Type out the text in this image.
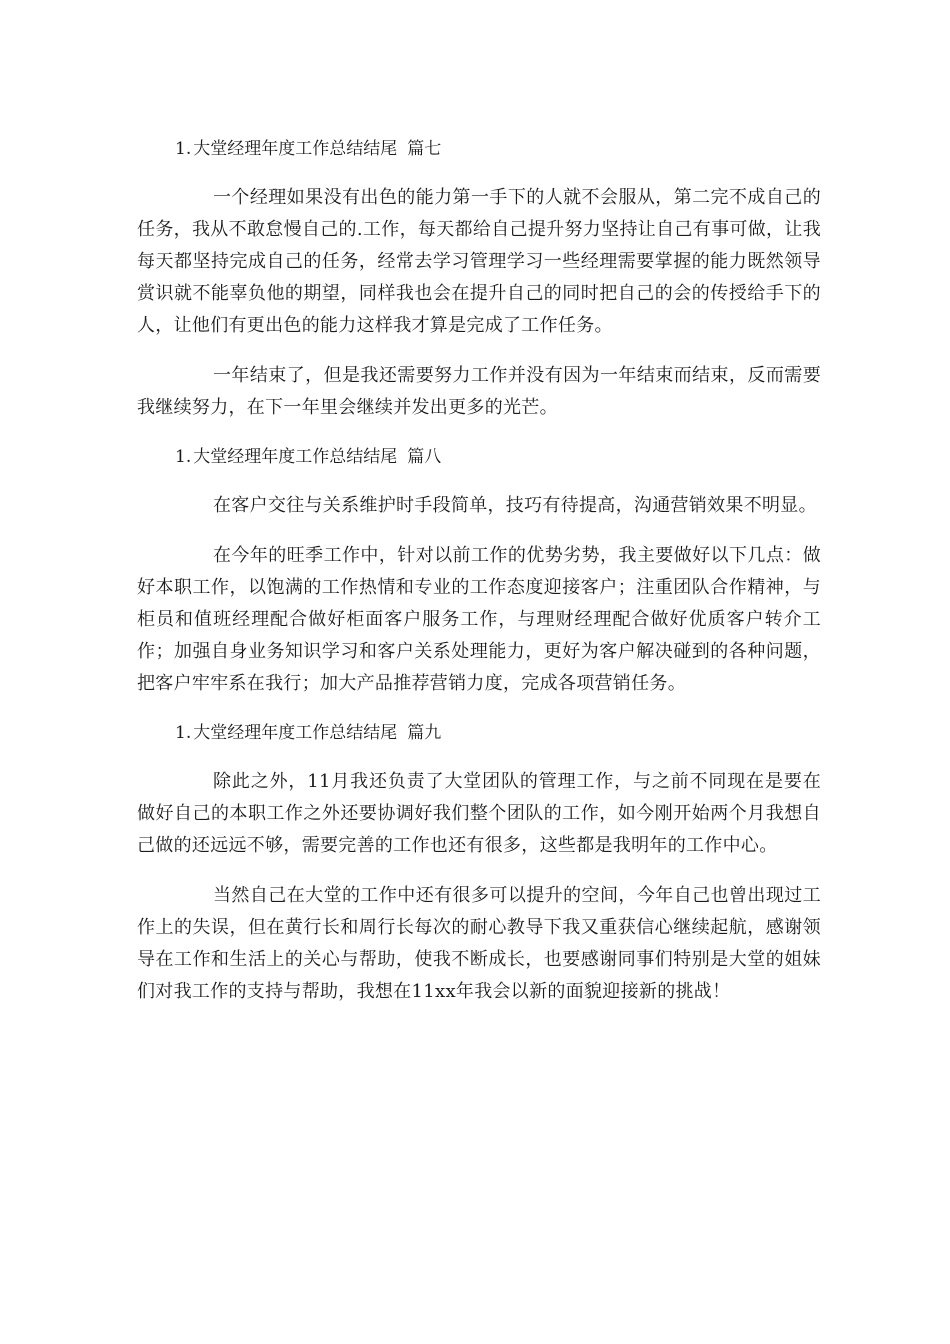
1. 大堂经理年度工作总结结尾 篇七

一个经理如果没有出色的能力第一手下的人就不会服从，第二完不成自己的任务，我从不敢怠慢自己的.工作，每天都给自己提升努力坚持让自己有事可做，让我每天都坚持完成自己的任务，经常去学习管理学习一些经理需要掌握的能力既然领导赏识就不能辜负他的期望，同样我也会在提升自己的同时把自己的会的传授给手下的人，让他们有更出色的能力这样我才算是完成了工作任务。

一年结束了，但是我还需要努力工作并没有因为一年结束而结束，反而需要我继续努力，在下一年里会继续并发出更多的光芒。

1. 大堂经理年度工作总结结尾 篇八

在客户交往与关系维护时手段简单，技巧有待提高，沟通营销效果不明显。

在今年的旺季工作中，针对以前工作的优势劣势，我主要做好以下几点：做好本职工作，以饱满的工作热情和专业的工作态度迎接客户；注重团队合作精神，与柜员和值班经理配合做好柜面客户服务工作，与理财经理配合做好优质客户转介工作；加强自身业务知识学习和客户关系处理能力，更好为客户解决碰到的各种问题，把客户牢牢系在我行；加大产品推荐营销力度，完成各项营销任务。

1. 大堂经理年度工作总结结尾 篇九

除此之外，11月我还负责了大堂团队的管理工作，与之前不同现在是要在做好自己的本职工作之外还要协调好我们整个团队的工作，如今刚开始两个月我想自己做的还远远不够，需要完善的工作也还有很多，这些都是我明年的工作中心。

当然自己在大堂的工作中还有很多可以提升的空间，今年自己也曾出现过工作上的失误，但在黄行长和周行长每次的耐心教导下我又重获信心继续起航，感谢领导在工作和生活上的关心与帮助，使我不断成长，也要感谢同事们特别是大堂的姐妹们对我工作的支持与帮助，我想在11xx年我会以新的面貌迎接新的挑战！
